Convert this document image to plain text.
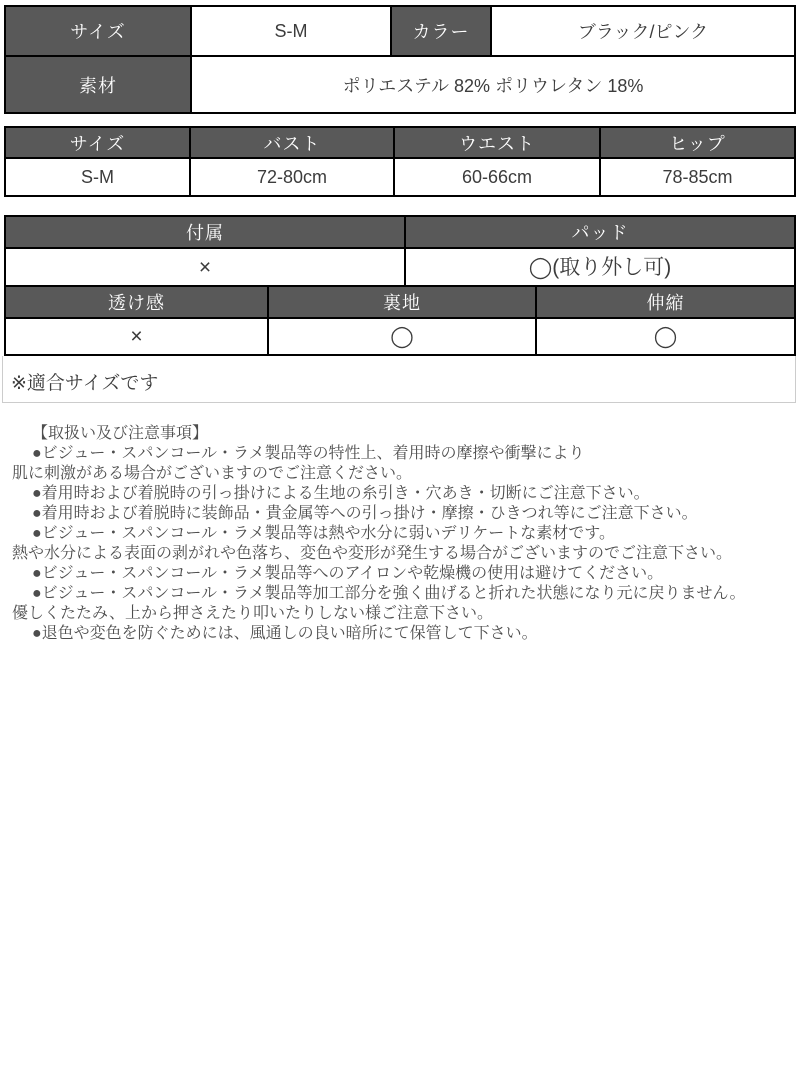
サイズ	S-M	カラー	ブラック/ピンク
素材	ポリエステル 82% ポリウレタン 18%		
サイズ	バスト	ウエスト	ヒップ
S-M	72-80cm	60-66cm	78-85cm
付属	パッド
×	◯(取り外し可)
透け感	裏地	伸縮
×	◯	◯
※適合サイズです
【取扱い及び注意事項】
●ビジュー・スパンコール・ラメ製品等の特性上、着用時の摩擦や衝撃により
肌に刺激がある場合がございますのでご注意ください。
●着用時および着脱時の引っ掛けによる生地の糸引き・穴あき・切断にご注意下さい。
●着用時および着脱時に装飾品・貴金属等への引っ掛け・摩擦・ひきつれ等にご注意下さい。
●ビジュー・スパンコール・ラメ製品等は熱や水分に弱いデリケートな素材です。
熱や水分による表面の剥がれや色落ち、変色や変形が発生する場合がございますのでご注意下さい。
●ビジュー・スパンコール・ラメ製品等へのアイロンや乾燥機の使用は避けてください。
●ビジュー・スパンコール・ラメ製品等加工部分を強く曲げると折れた状態になり元に戻りません。
優しくたたみ、上から押さえたり叩いたりしない様ご注意下さい。
●退色や変色を防ぐためには、風通しの良い暗所にて保管して下さい。
